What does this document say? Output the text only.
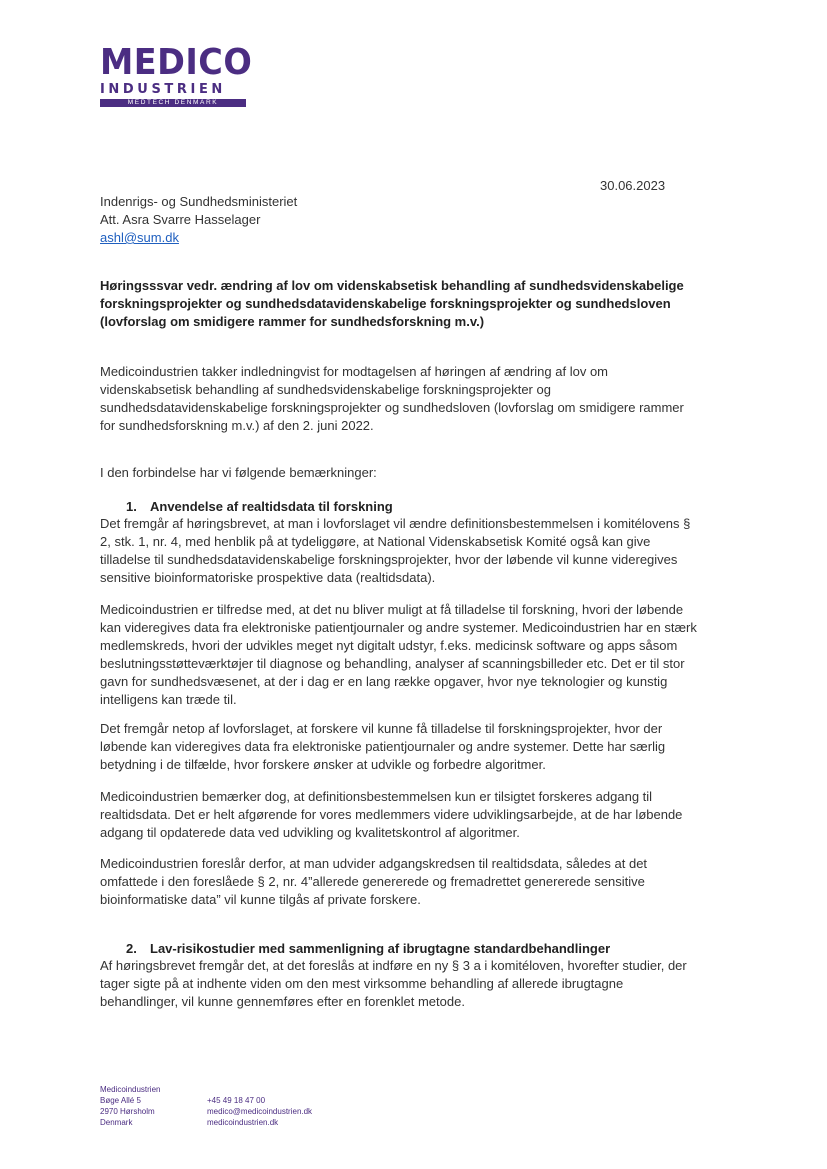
MEDICO
INDUSTRIEN
MEDTECH DENMARK
30.06.2023
Indenrigs- og Sundhedsministeriet
Att. Asra Svarre Hasselager
ashl@sum.dk
Høringsssvar vedr. ændring af lov om videnskabsetisk behandling af sundhedsvidenskabelige forskningsprojekter og sundhedsdatavidenskabelige forskningsprojekter og sundhedsloven (lovforslag om smidigere rammer for sundhedsforskning m.v.)

Medicoindustrien takker indledningvist for modtagelsen af høringen af ændring af lov om videnskabsetisk behandling af sundhedsvidenskabelige forskningsprojekter og sundhedsdatavidenskabelige forskningsprojekter og sundhedsloven (lovforslag om smidigere rammer for sundhedsforskning m.v.) af den 2. juni 2022.

I den forbindelse har vi følgende bemærkninger:

1. Anvendelse af realtidsdata til forskning

Det fremgår af høringsbrevet, at man i lovforslaget vil ændre definitionsbestemmelsen i komitélovens § 2, stk. 1, nr. 4, med henblik på at tydeliggøre, at National Videnskabsetisk Komité også kan give tilladelse til sundhedsdatavidenskabelige forskningsprojekter, hvor der løbende vil kunne videregives sensitive bioinformatoriske prospektive data (realtidsdata).

Medicoindustrien er tilfredse med, at det nu bliver muligt at få tilladelse til forskning, hvori der løbende kan videregives data fra elektroniske patientjournaler og andre systemer. Medicoindustrien har en stærk medlemskreds, hvori der udvikles meget nyt digitalt udstyr, f.eks. medicinsk software og apps såsom beslutningsstøtteværktøjer til diagnose og behandling, analyser af scanningsbilleder etc. Det er til stor gavn for sundhedsvæsenet, at der i dag er en lang række opgaver, hvor nye teknologier og kunstig intelligens kan træde til.

Det fremgår netop af lovforslaget, at forskere vil kunne få tilladelse til forskningsprojekter, hvor der løbende kan videregives data fra elektroniske patientjournaler og andre systemer. Dette har særlig betydning i de tilfælde, hvor forskere ønsker at udvikle og forbedre algoritmer.

Medicoindustrien bemærker dog, at definitionsbestemmelsen kun er tilsigtet forskeres adgang til realtidsdata. Det er helt afgørende for vores medlemmers videre udviklingsarbejde, at de har løbende adgang til opdaterede data ved udvikling og kvalitetskontrol af algoritmer.

Medicoindustrien foreslår derfor, at man udvider adgangskredsen til realtidsdata, således at det omfattede i den foreslåede § 2, nr. 4”allerede genererede og fremadrettet genererede sensitive bioinformatiske data” vil kunne tilgås af private forskere.

2. Lav-risikostudier med sammenligning af ibrugtagne standardbehandlinger

Af høringsbrevet fremgår det, at det foreslås at indføre en ny § 3 a i komitéloven, hvorefter studier, der tager sigte på at indhente viden om den mest virksomme behandling af allerede ibrugtagne behandlinger, vil kunne gennemføres efter en forenklet metode.

Medicoindustrien
Bøge Allé 5
2970 Hørsholm
Denmark
+45 49 18 47 00
medico@medicoindustrien.dk
medicoindustrien.dk
